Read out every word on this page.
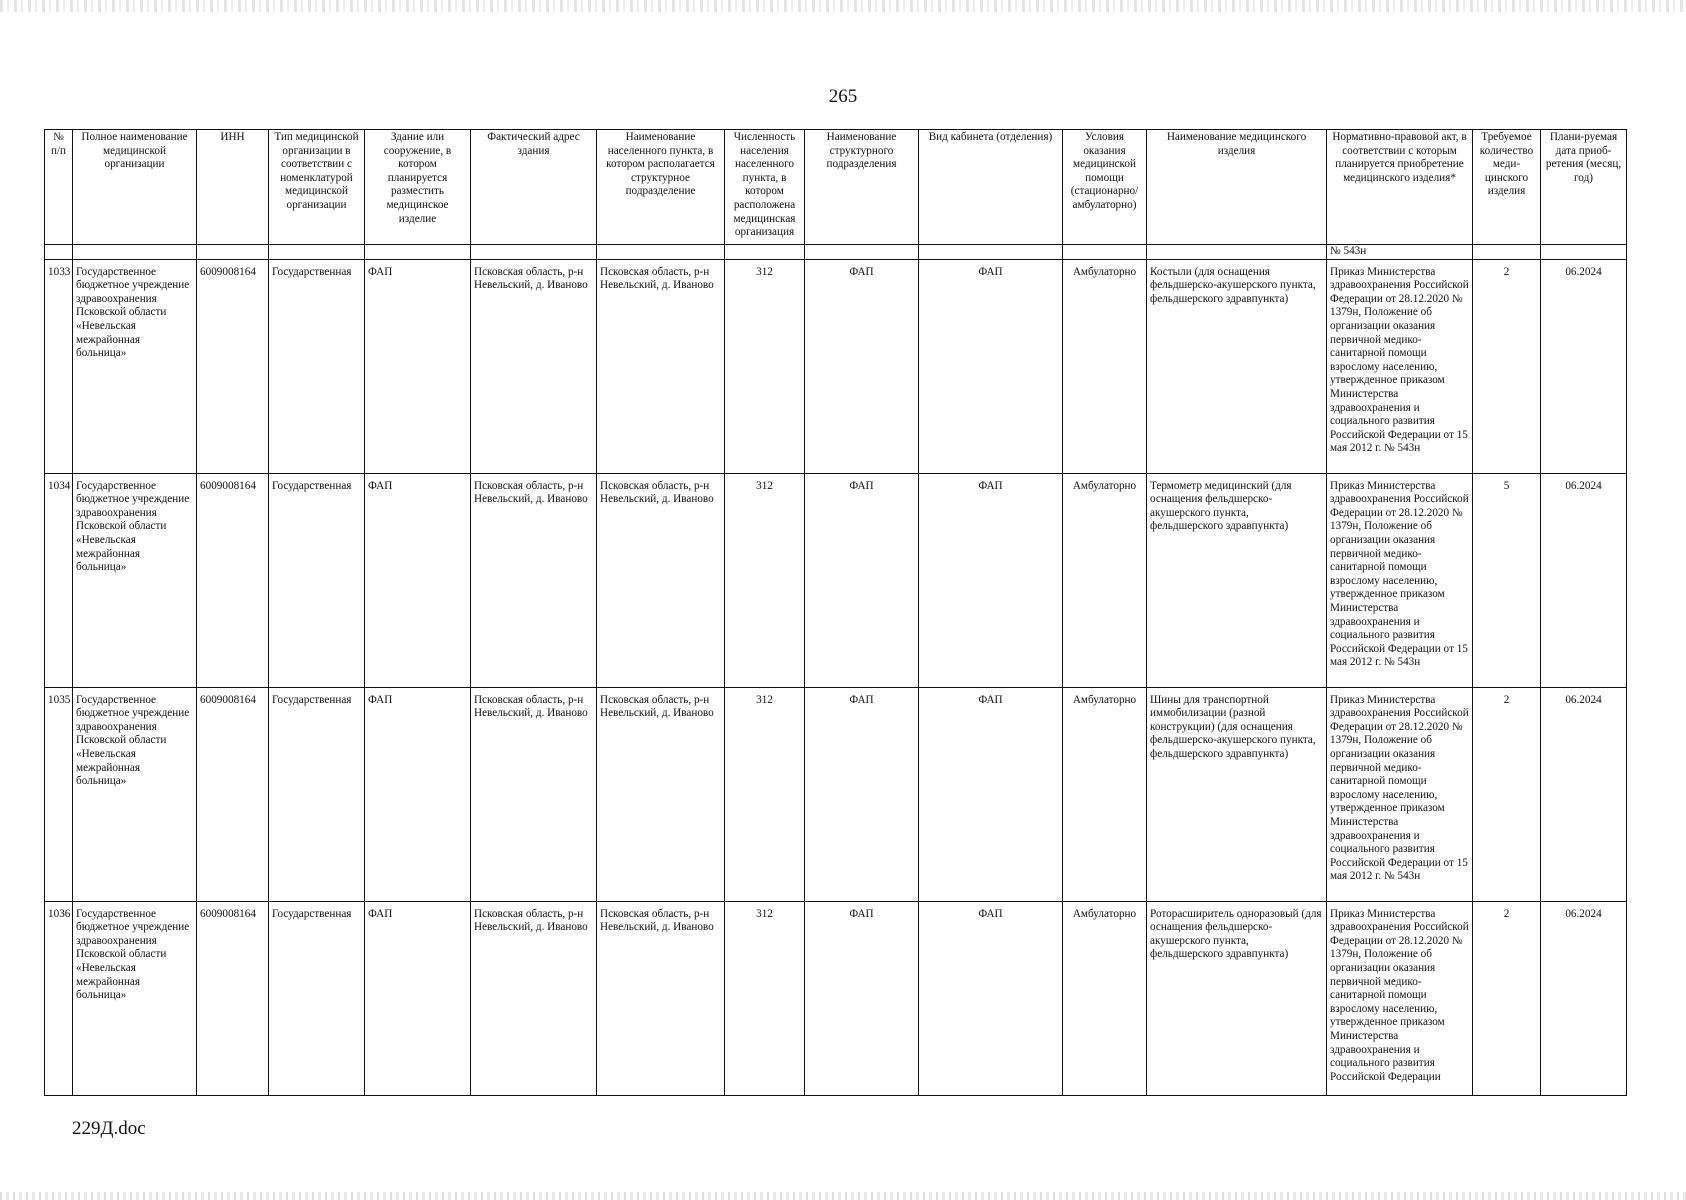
265
№ п/п	Полное наименование медицинской организации	ИНН	Тип медицинской организации в соответствии с номенклатурой медицинской организации	Здание или сооружение, в котором планируется разместить медицинское изделие	Фактический адрес здания	Наименование населенного пункта, в котором располагается структурное подразделение	Численность населения населенного пункта, в котором расположена медицинская организация	Наименование структурного подразделения	Вид кабинета (отделения)	Условия оказания медицинской помощи (стационарно/ амбулаторно)	Наименование медицинского изделия	Нормативно-правовой акт, в соответствии с которым планируется приобретение медицинского изделия*	Требуемое количество меди-цинского изделия	Плани-руемая дата приоб-ретения (месяц, год)
												№ 543н		
1033	Государственное бюджетное учреждение здравоохранения Псковской области «Невельская межрайонная больница»	6009008164	Государственная	ФАП	Псковская область, р-н Невельский, д. Иваново	Псковская область, р-н Невельский, д. Иваново	312	ФАП	ФАП	Амбулаторно	Костыли (для оснащения фельдшерско-акушерского пункта, фельдшерского здравпункта)	Приказ Министерства здравоохранения Российской Федерации от 28.12.2020 № 1379н, Положение об организации оказания первичной медико-санитарной помощи взрослому населению, утвержденное приказом Министерства здравоохранения и социального развития Российской Федерации от 15 мая 2012 г. № 543н	2	06.2024
1034	Государственное бюджетное учреждение здравоохранения Псковской области «Невельская межрайонная больница»	6009008164	Государственная	ФАП	Псковская область, р-н Невельский, д. Иваново	Псковская область, р-н Невельский, д. Иваново	312	ФАП	ФАП	Амбулаторно	Термометр медицинский (для оснащения фельдшерско-акушерского пункта, фельдшерского здравпункта)	Приказ Министерства здравоохранения Российской Федерации от 28.12.2020 № 1379н, Положение об организации оказания первичной медико-санитарной помощи взрослому населению, утвержденное приказом Министерства здравоохранения и социального развития Российской Федерации от 15 мая 2012 г. № 543н	5	06.2024
1035	Государственное бюджетное учреждение здравоохранения Псковской области «Невельская межрайонная больница»	6009008164	Государственная	ФАП	Псковская область, р-н Невельский, д. Иваново	Псковская область, р-н Невельский, д. Иваново	312	ФАП	ФАП	Амбулаторно	Шины для транспортной иммобилизации (разной конструкции) (для оснащения фельдшерско-акушерского пункта, фельдшерского здравпункта)	Приказ Министерства здравоохранения Российской Федерации от 28.12.2020 № 1379н, Положение об организации оказания первичной медико-санитарной помощи взрослому населению, утвержденное приказом Министерства здравоохранения и социального развития Российской Федерации от 15 мая 2012 г. № 543н	2	06.2024
1036	Государственное бюджетное учреждение здравоохранения Псковской области «Невельская межрайонная больница»	6009008164	Государственная	ФАП	Псковская область, р-н Невельский, д. Иваново	Псковская область, р-н Невельский, д. Иваново	312	ФАП	ФАП	Амбулаторно	Роторасширитель одноразовый (для оснащения фельдшерско-акушерского пункта, фельдшерского здравпункта)	Приказ Министерства здравоохранения Российской Федерации от 28.12.2020 № 1379н, Положение об организации оказания первичной медико-санитарной помощи взрослому населению, утвержденное приказом Министерства здравоохранения и социального развития Российской Федерации	2	06.2024
229Д.doc
